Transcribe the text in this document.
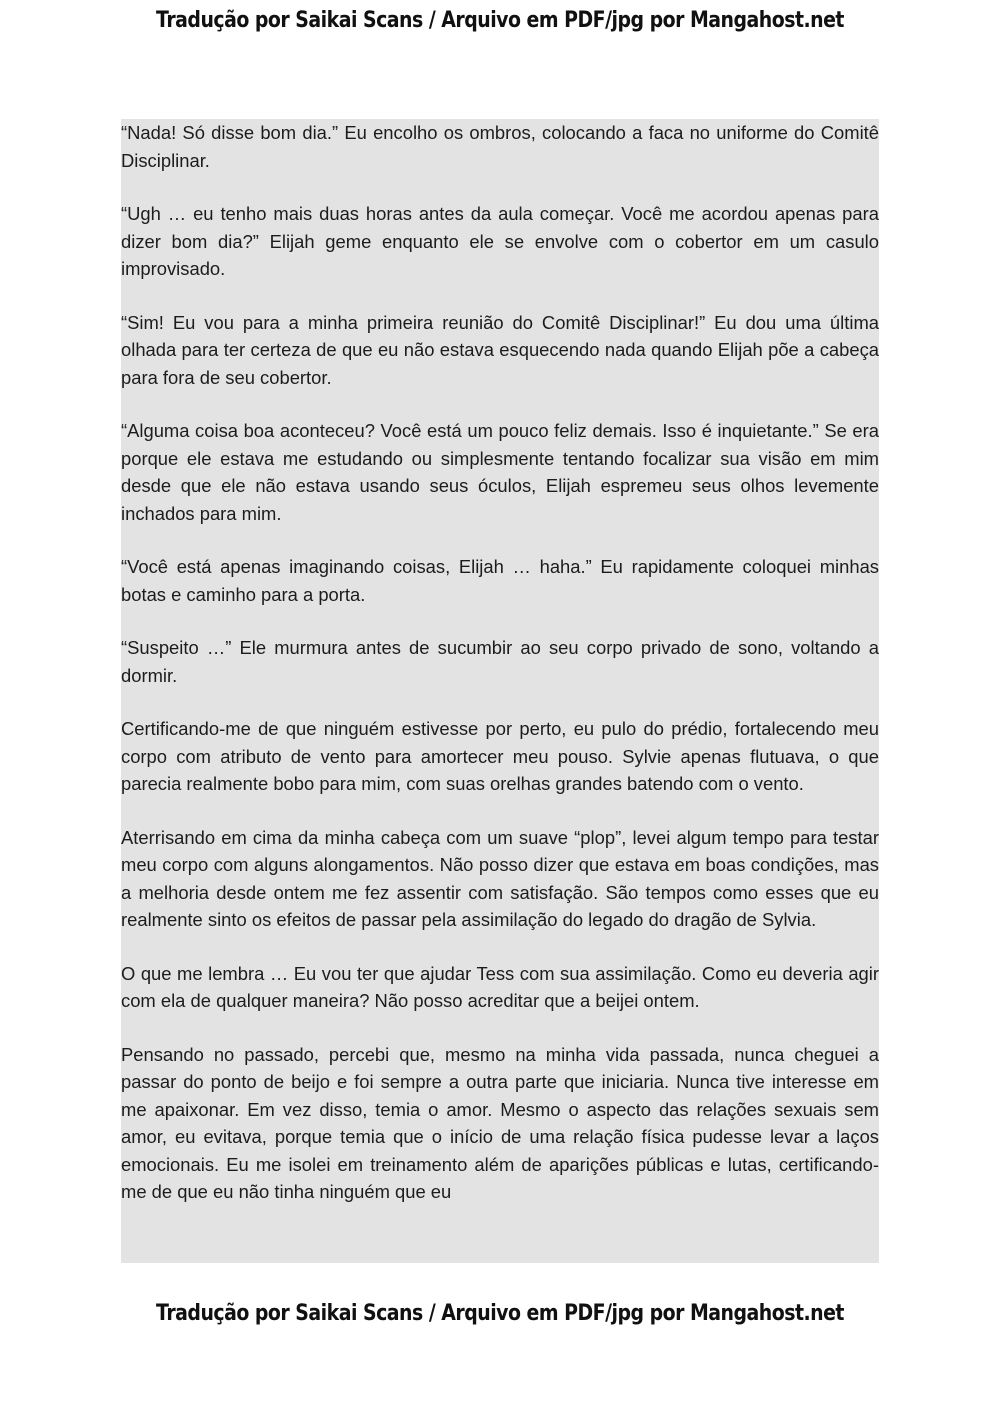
Tradução por Saikai Scans / Arquivo em PDF/jpg por Mangahost.net

“Nada! Só disse bom dia.” Eu encolho os ombros, colocando a faca no uniforme do Comitê Disciplinar.

“Ugh … eu tenho mais duas horas antes da aula começar. Você me acordou apenas para dizer bom dia?” Elijah geme enquanto ele se envolve com o cobertor em um casulo improvisado.

“Sim! Eu vou para a minha primeira reunião do Comitê Disciplinar!” Eu dou uma última olhada para ter certeza de que eu não estava esquecendo nada quando Elijah põe a cabeça para fora de seu cobertor.

“Alguma coisa boa aconteceu? Você está um pouco feliz demais. Isso é inquietante.” Se era porque ele estava me estudando ou simplesmente tentando focalizar sua visão em mim desde que ele não estava usando seus óculos, Elijah espremeu seus olhos levemente inchados para mim.

“Você está apenas imaginando coisas, Elijah … haha.” Eu rapidamente coloquei minhas botas e caminho para a porta.

“Suspeito …” Ele murmura antes de sucumbir ao seu corpo privado de sono, voltando a dormir.

Certificando-me de que ninguém estivesse por perto, eu pulo do prédio, fortalecendo meu corpo com atributo de vento para amortecer meu pouso. Sylvie apenas flutuava, o que parecia realmente bobo para mim, com suas orelhas grandes batendo com o vento.

Aterrisando em cima da minha cabeça com um suave “plop”, levei algum tempo para testar meu corpo com alguns alongamentos. Não posso dizer que estava em boas condições, mas a melhoria desde ontem me fez assentir com satisfação. São tempos como esses que eu realmente sinto os efeitos de passar pela assimilação do legado do dragão de Sylvia.

O que me lembra … Eu vou ter que ajudar Tess com sua assimilação. Como eu deveria agir com ela de qualquer maneira? Não posso acreditar que a beijei ontem.

Pensando no passado, percebi que, mesmo na minha vida passada, nunca cheguei a passar do ponto de beijo e foi sempre a outra parte que iniciaria. Nunca tive interesse em me apaixonar. Em vez disso, temia o amor. Mesmo o aspecto das relações sexuais sem amor, eu evitava, porque temia que o início de uma relação física pudesse levar a laços emocionais. Eu me isolei em treinamento além de aparições públicas e lutas, certificando-me de que eu não tinha ninguém que eu

Tradução por Saikai Scans / Arquivo em PDF/jpg por Mangahost.net
